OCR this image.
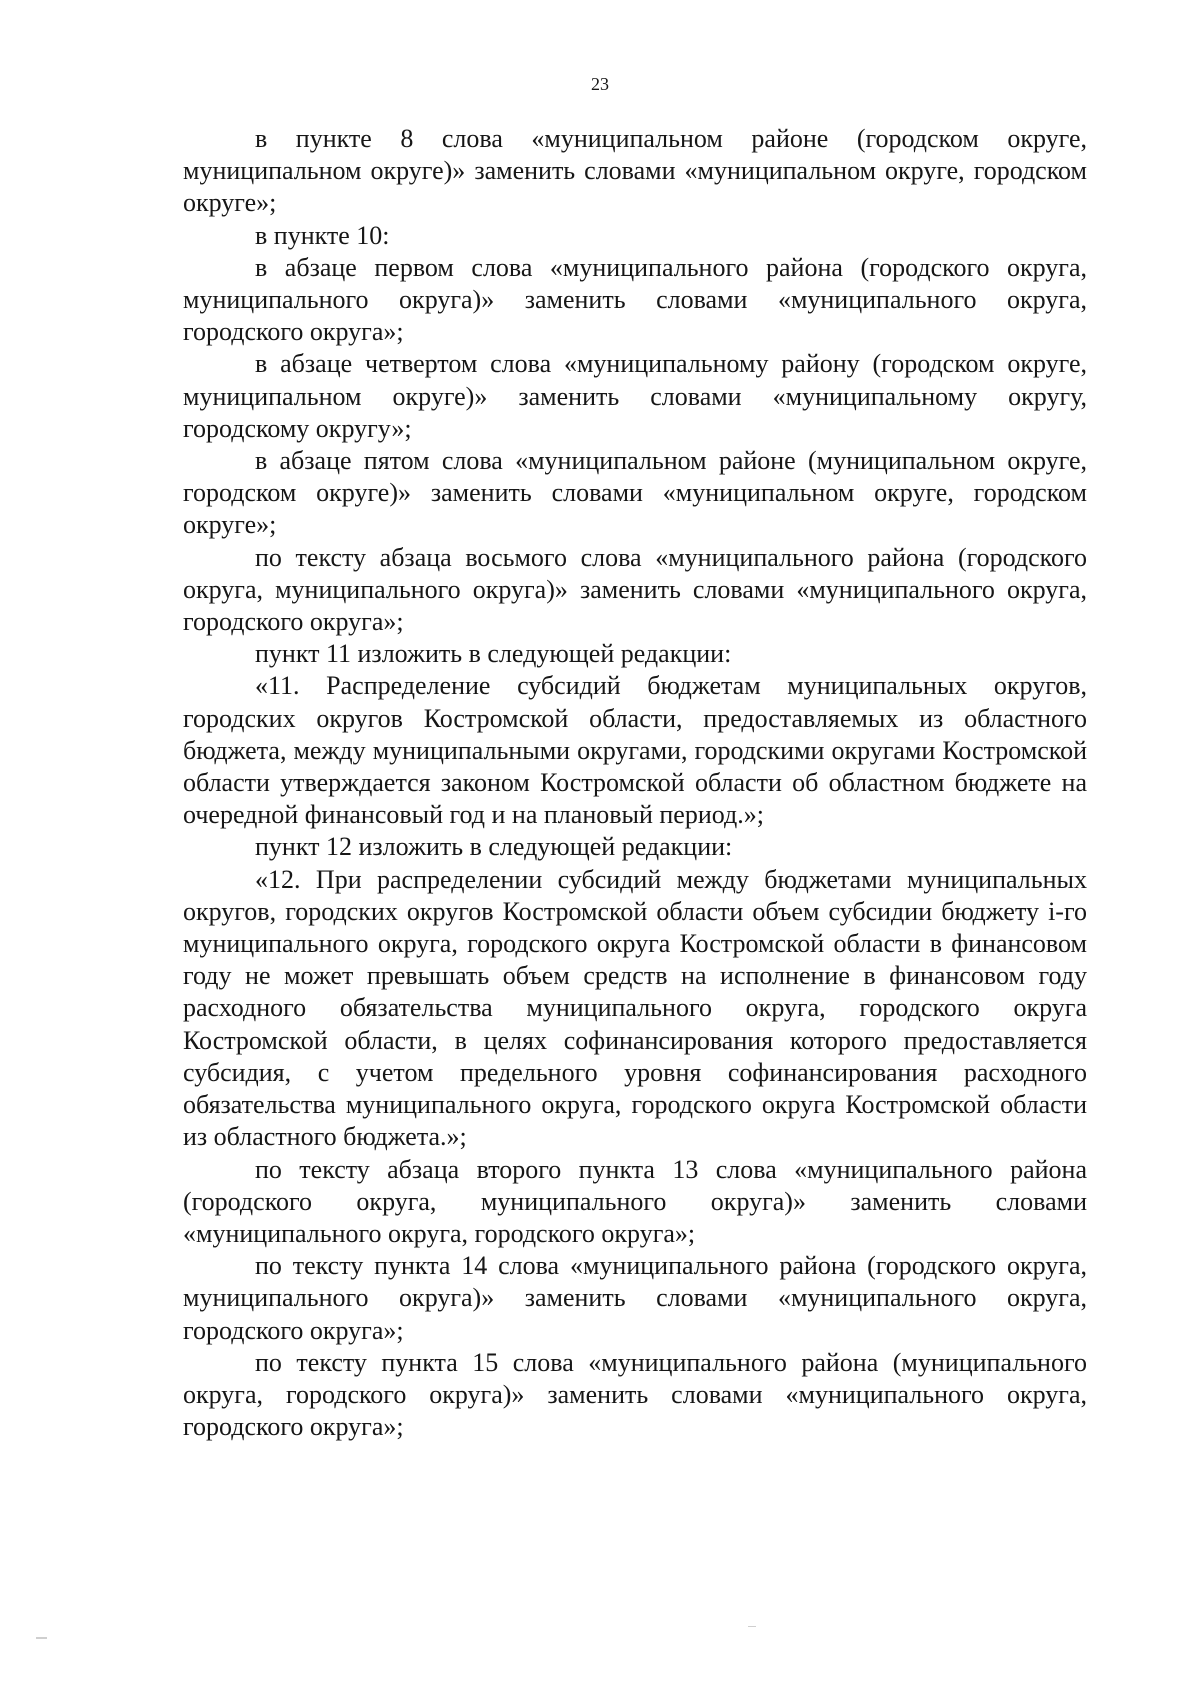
23

в пункте 8 слова «муниципальном районе (городском округе, муниципальном округе)» заменить словами «муниципальном округе, городском округе»;

в пункте 10:

в абзаце первом слова «муниципального района (городского округа, муниципального округа)» заменить словами «муниципального округа, городского округа»;

в абзаце четвертом слова «муниципальному району (городском округе, муниципальном округе)» заменить словами «муниципальному округу, городскому округу»;

в абзаце пятом слова «муниципальном районе (муниципальном округе, городском округе)» заменить словами «муниципальном округе, городском округе»;

по тексту абзаца восьмого слова «муниципального района (городского округа, муниципального округа)» заменить словами «муниципального округа, городского округа»;

пункт 11 изложить в следующей редакции:

«11. Распределение субсидий бюджетам муниципальных округов, городских округов Костромской области, предоставляемых из областного бюджета, между муниципальными округами, городскими округами Костромской области утверждается законом Костромской области об областном бюджете на очередной финансовый год и на плановый период.»;

пункт 12 изложить в следующей редакции:

«12. При распределении субсидий между бюджетами муниципальных округов, городских округов Костромской области объем субсидии бюджету i-го муниципального округа, городского округа Костромской области в финансовом году не может превышать объем средств на исполнение в финансовом году расходного обязательства муниципального округа, городского округа Костромской области, в целях софинансирования которого предоставляется субсидия, с учетом предельного уровня софинансирования расходного обязательства муниципального округа, городского округа Костромской области из областного бюджета.»;

по тексту абзаца второго пункта 13 слова «муниципального района (городского округа, муниципального округа)» заменить словами «муниципального округа, городского округа»;

по тексту пункта 14 слова «муниципального района (городского округа, муниципального округа)» заменить словами «муниципального округа, городского округа»;

по тексту пункта 15 слова «муниципального района (муниципального округа, городского округа)» заменить словами «муниципального округа, городского округа»;
